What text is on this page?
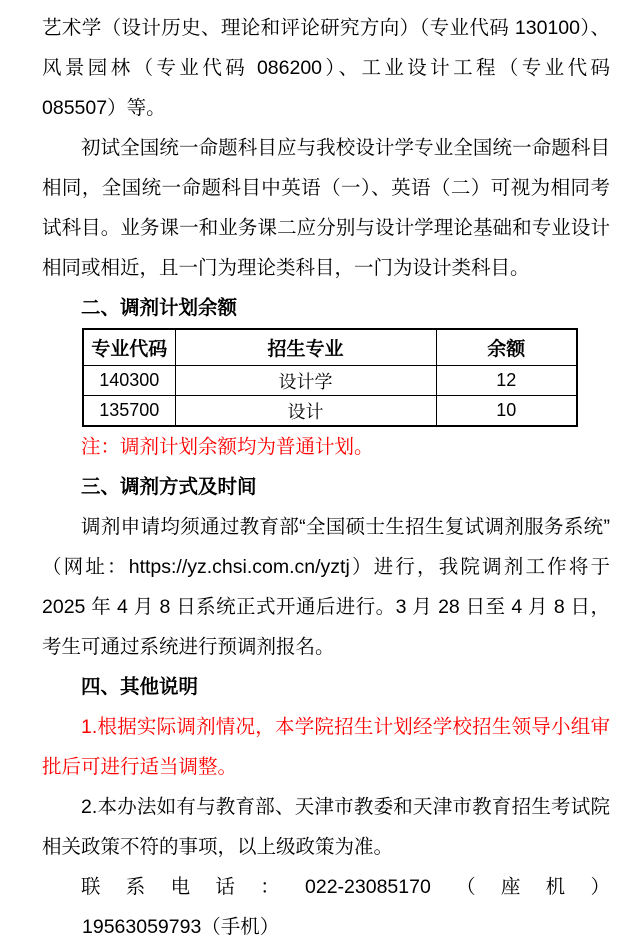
艺术学（设计历史、理论和评论研究方向）（专业代码 130100）、风景园林（专业代码 086200）、工业设计工程（专业代码 085507）等。

初试全国统一命题科目应与我校设计学专业全国统一命题科目相同，全国统一命题科目中英语（一）、英语（二）可视为相同考试科目。业务课一和业务课二应分别与设计学理论基础和专业设计相同或相近，且一门为理论类科目，一门为设计类科目。

二、调剂计划余额
专业代码	招生专业	余额
140300	设计学	12
135700	设计	10

注：调剂计划余额均为普通计划。

三、调剂方式及时间

调剂申请均须通过教育部“全国硕士生招生复试调剂服务系统”（网址：https://yz.chsi.com.cn/yztj）进行，我院调剂工作将于 2025 年 4 月 8 日系统正式开通后进行。3 月 28 日至 4 月 8 日，考生可通过系统进行预调剂报名。

四、其他说明

1.根据实际调剂情况，本学院招生计划经学校招生领导小组审批后可进行适当调整。

2.本办法如有与教育部、天津市教委和天津市教育招生考试院相关政策不符的事项，以上级政策为准。

联系电话：022-23085170（座机）19563059793（手机）
